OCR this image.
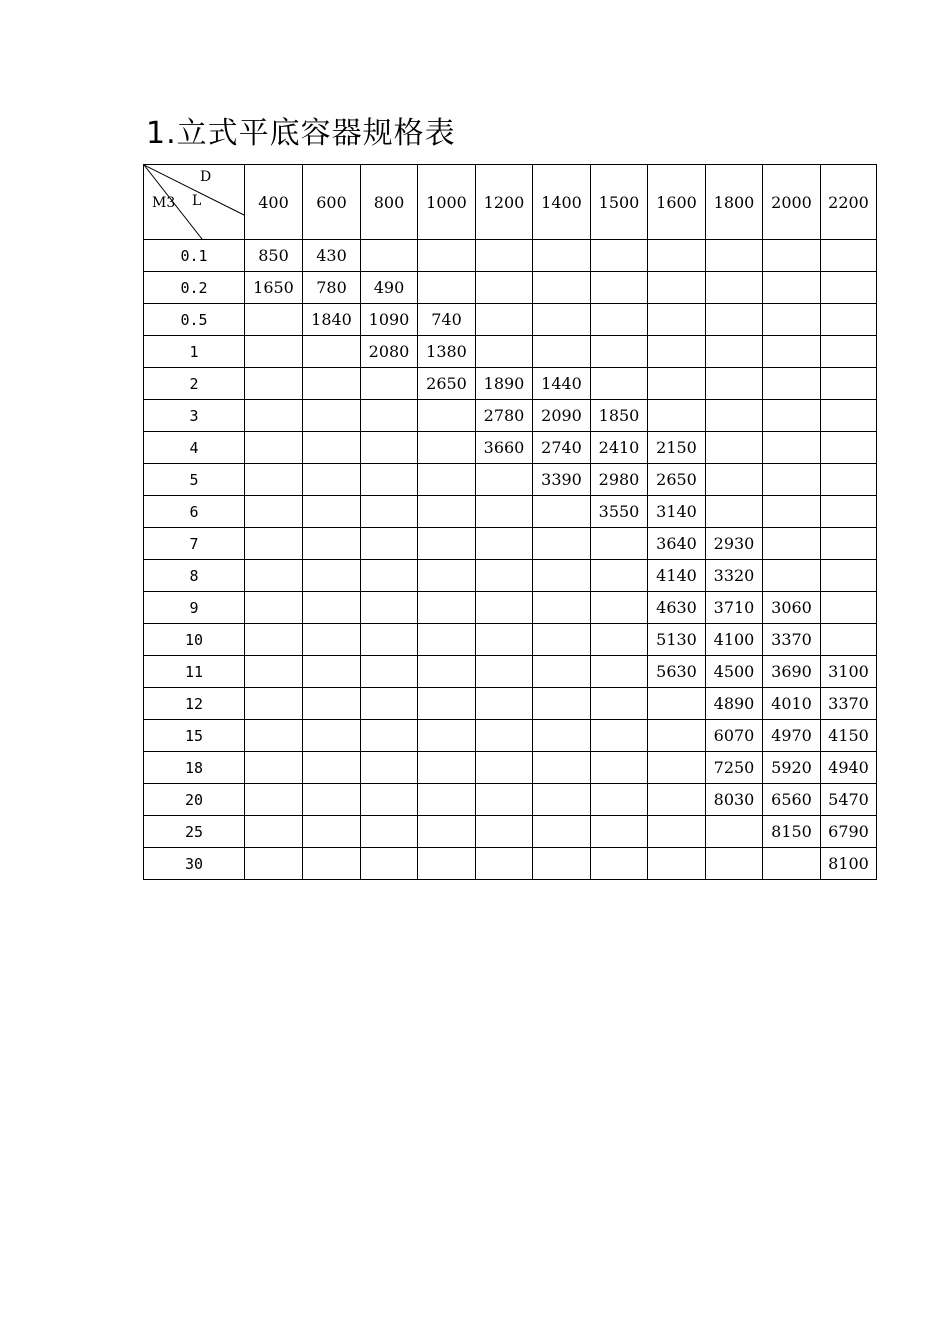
1.立式平底容器规格表
D
M3 L	400	600	800	1000	1200	1400	1500	1600	1800	2000	2200
0.1	850	430									
0.2	1650	780	490								
0.5		1840	1090	740							
1			2080	1380							
2				2650	1890	1440					
3					2780	2090	1850				
4					3660	2740	2410	2150			
5						3390	2980	2650			
6							3550	3140			
7								3640	2930		
8								4140	3320		
9								4630	3710	3060	
10								5130	4100	3370	
11								5630	4500	3690	3100
12									4890	4010	3370
15									6070	4970	4150
18									7250	5920	4940
20									8030	6560	5470
25										8150	6790
30											8100
